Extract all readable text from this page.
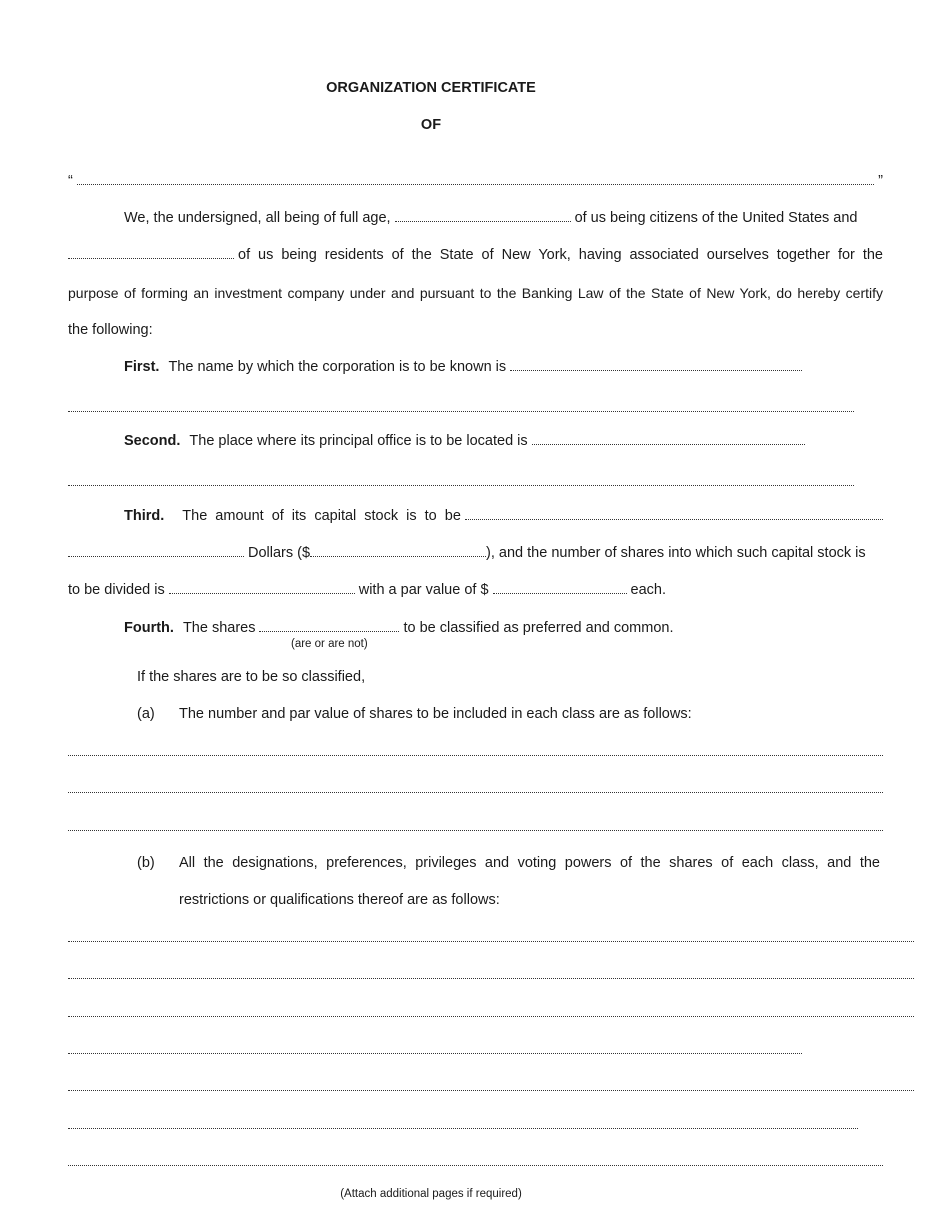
ORGANIZATION CERTIFICATE
OF
“	”
We, the undersigned, all being of full age,	of us being citizens of the United States and
of us being residents of the State of New York, having associated ourselves together for the
purpose of forming an investment company under and pursuant to the Banking Law of the State of New York, do hereby certify
the following:
First. The name by which the corporation is to be known is
Second. The place where its principal office is to be located is
Third. The amount of its capital stock is to be
Dollars ($	), and the number of shares into which such capital stock is
to be divided is	with a par value of $	each.
Fourth. The shares	to be classified as preferred and common.
(are or are not)
If the shares are to be so classified,
(a) The number and par value of shares to be included in each class are as follows:
(b) All the designations, preferences, privileges and voting powers of the shares of each class, and the
restrictions or qualifications thereof are as follows:
(Attach additional pages if required)
